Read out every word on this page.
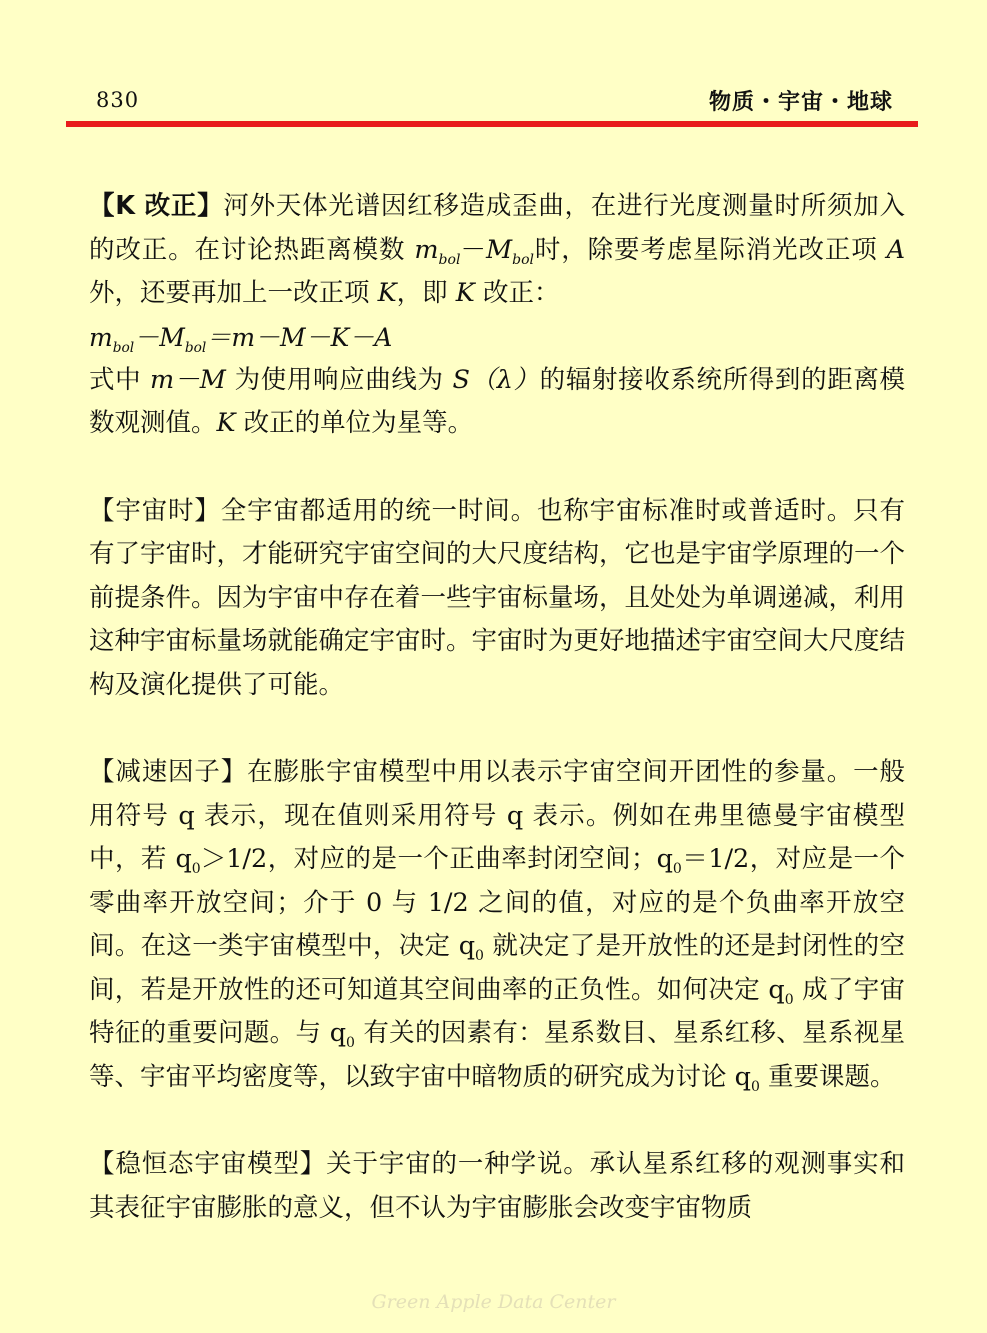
830	物质・宇宙・地球

【K 改正】河外天体光谱因红移造成歪曲，在进行光度测量时所须加入的改正。在讨论热距离模数 $m_{bol}-M_{bol}$时，除要考虑星际消光改正项 A 外，还要再加上一改正项 K，即 K 改正：

$m_{bol}-M_{bol}=m-M-K-A$

式中 m－M 为使用响应曲线为 S（λ）的辐射接收系统所得到的距离模数观测值。K 改正的单位为星等。

【宇宙时】全宇宙都适用的统一时间。也称宇宙标准时或普适时。只有有了宇宙时，才能研究宇宙空间的大尺度结构，它也是宇宙学原理的一个前提条件。因为宇宙中存在着一些宇宙标量场，且处处为单调递减，利用这种宇宙标量场就能确定宇宙时。宇宙时为更好地描述宇宙空间大尺度结构及演化提供了可能。

【减速因子】在膨胀宇宙模型中用以表示宇宙空间开团性的参量。一般用符号 q 表示，现在值则采用符号 q 表示。例如在弗里德曼宇宙模型中，若 $q_0>1/2$，对应的是一个正曲率封闭空间；$q_0=1/2$，对应是一个零曲率开放空间；介于 0 与 1/2 之间的值，对应的是个负曲率开放空间。在这一类宇宙模型中，决定 $q_0$ 就决定了是开放性的还是封闭性的空间，若是开放性的还可知道其空间曲率的正负性。如何决定 $q_0$ 成了宇宙特征的重要问题。与 $q_0$ 有关的因素有：星系数目、星系红移、星系视星等、宇宙平均密度等，以致宇宙中暗物质的研究成为讨论 $q_0$ 重要课题。

【稳恒态宇宙模型】关于宇宙的一种学说。承认星系红移的观测事实和其表征宇宙膨胀的意义，但不认为宇宙膨胀会改变宇宙物质

Green Apple Data Center
